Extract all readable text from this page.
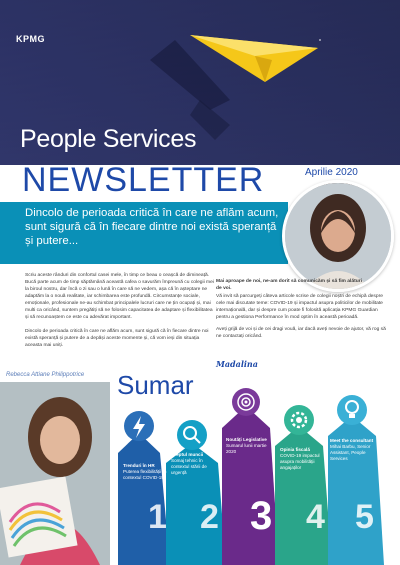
KPMG
People Services
NEWSLETTER	Aprilie 2020
Dincolo de perioada critică în care ne aflăm acum, sunt sigură că în fiecare dintre noi există speranță și putere...
Scriu aceste rânduri din confortul casei mele, în timp ce beau o ceașcă de dimineață. Bucă parte acum de timp săptămână această cafea o savurăm împreună cu colegii mei la biroul nostru, dar încă o zi sau o lună în care să ne vedem, așa că în așteptare ne adaptăm la o nouă realitate, iar schimbarea este profundă. Circumstanțe sociale, emoționale, profesionale ne-au schimbat principalele lucruri care ne țin ocupați și, mai multi ca oricând, suntem pregătiți să ne folosim capacitatea de adaptare și flexibilitatea și să recunoaștem ce este cu adevărat important.
Dincolo de perioada critică în care ne aflăm acum, sunt sigură că în fiecare dintre noi există speranță și putere de a depăși aceste momente și, că vom ieși din situația aceasta mai uniți.
Mai aproape de noi, ne-am dorit să comunicăm și să fim alături de voi.
Vă invit să parcurgeți câteva articole scrise de colegii noștri de echipă despre cele mai discutate teme: COVID-19 și impactul asupra politicilor de mobilitate internațională, dar și despre cum poate fi folosită aplicația KPMG Guardian pentru a gestiona Performance în mod optim în această perioadă.
Aveți grijă de voi și de cei dragi vouă, iar dacă aveți nevoie de ajutor, vă rog să ne contactați oricând.
Madalina
Rebecca Attiane Philippotrice Sumar
Trenduri în HR
Puterea flexibilității în contextul COVID-19
Dreptul muncii
Somaj tehnic în contextul stării de urgență
Noutăți Legislative
Sumarul lunii martie 2020	Opinia fiscală
COVID-19 impactul asupra mobilității angajaților
Meet the consultant
Mihai Barbu, Senior Assistant, People Services
1 2 3 4 5
